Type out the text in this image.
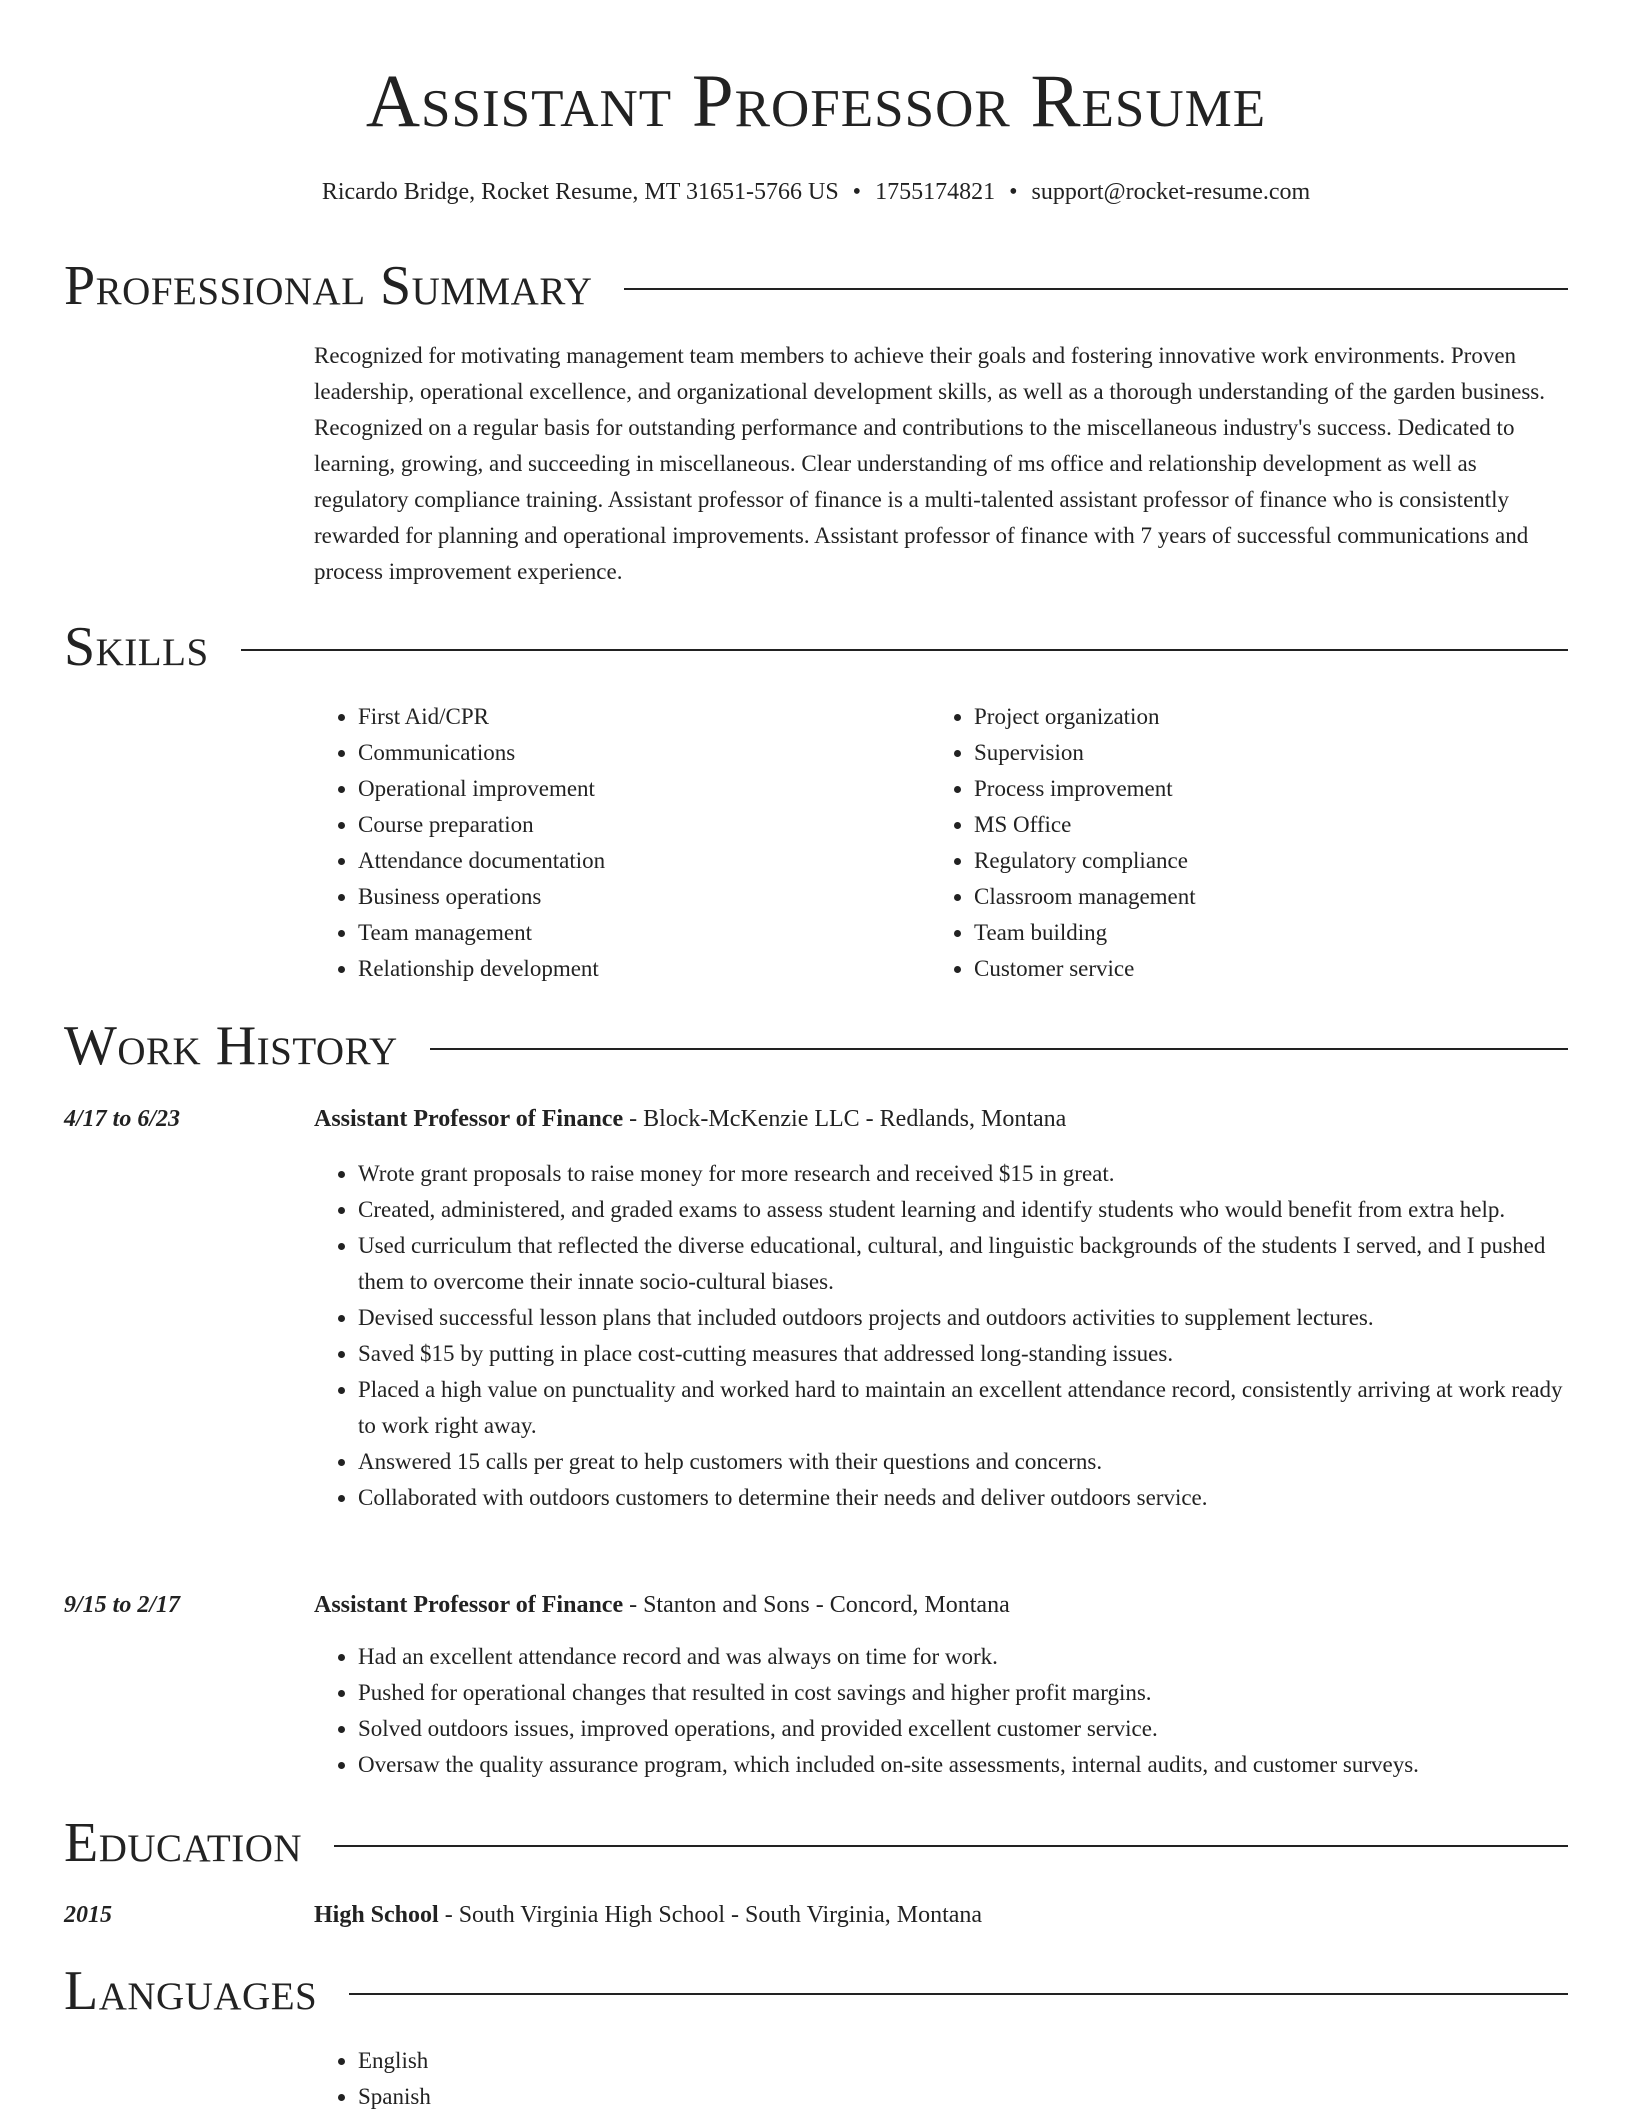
Assistant Professor Resume
Ricardo Bridge, Rocket Resume, MT 31651-5766 US • 1755174821 • support@rocket-resume.com
Professional Summary
Recognized for motivating management team members to achieve their goals and fostering innovative work environments. Proven leadership, operational excellence, and organizational development skills, as well as a thorough understanding of the garden business. Recognized on a regular basis for outstanding performance and contributions to the miscellaneous industry's success. Dedicated to learning, growing, and succeeding in miscellaneous. Clear understanding of ms office and relationship development as well as regulatory compliance training. Assistant professor of finance is a multi-talented assistant professor of finance who is consistently rewarded for planning and operational improvements. Assistant professor of finance with 7 years of successful communications and process improvement experience.
Skills
• First Aid/CPR
• Communications
• Operational improvement
• Course preparation
• Attendance documentation
• Business operations
• Team management
• Relationship development
• Project organization
• Supervision
• Process improvement
• MS Office
• Regulatory compliance
• Classroom management
• Team building
• Customer service
Work History
4/17 to 6/23	Assistant Professor of Finance - Block-McKenzie LLC - Redlands, Montana
• Wrote grant proposals to raise money for more research and received $15 in great.
• Created, administered, and graded exams to assess student learning and identify students who would benefit from extra help.
• Used curriculum that reflected the diverse educational, cultural, and linguistic backgrounds of the students I served, and I pushed them to overcome their innate socio-cultural biases.
• Devised successful lesson plans that included outdoors projects and outdoors activities to supplement lectures.
• Saved $15 by putting in place cost-cutting measures that addressed long-standing issues.
• Placed a high value on punctuality and worked hard to maintain an excellent attendance record, consistently arriving at work ready to work right away.
• Answered 15 calls per great to help customers with their questions and concerns.
• Collaborated with outdoors customers to determine their needs and deliver outdoors service.
9/15 to 2/17	Assistant Professor of Finance - Stanton and Sons - Concord, Montana
• Had an excellent attendance record and was always on time for work.
• Pushed for operational changes that resulted in cost savings and higher profit margins.
• Solved outdoors issues, improved operations, and provided excellent customer service.
• Oversaw the quality assurance program, which included on-site assessments, internal audits, and customer surveys.
Education
2015	High School - South Virginia High School - South Virginia, Montana
Languages
• English
• Spanish
